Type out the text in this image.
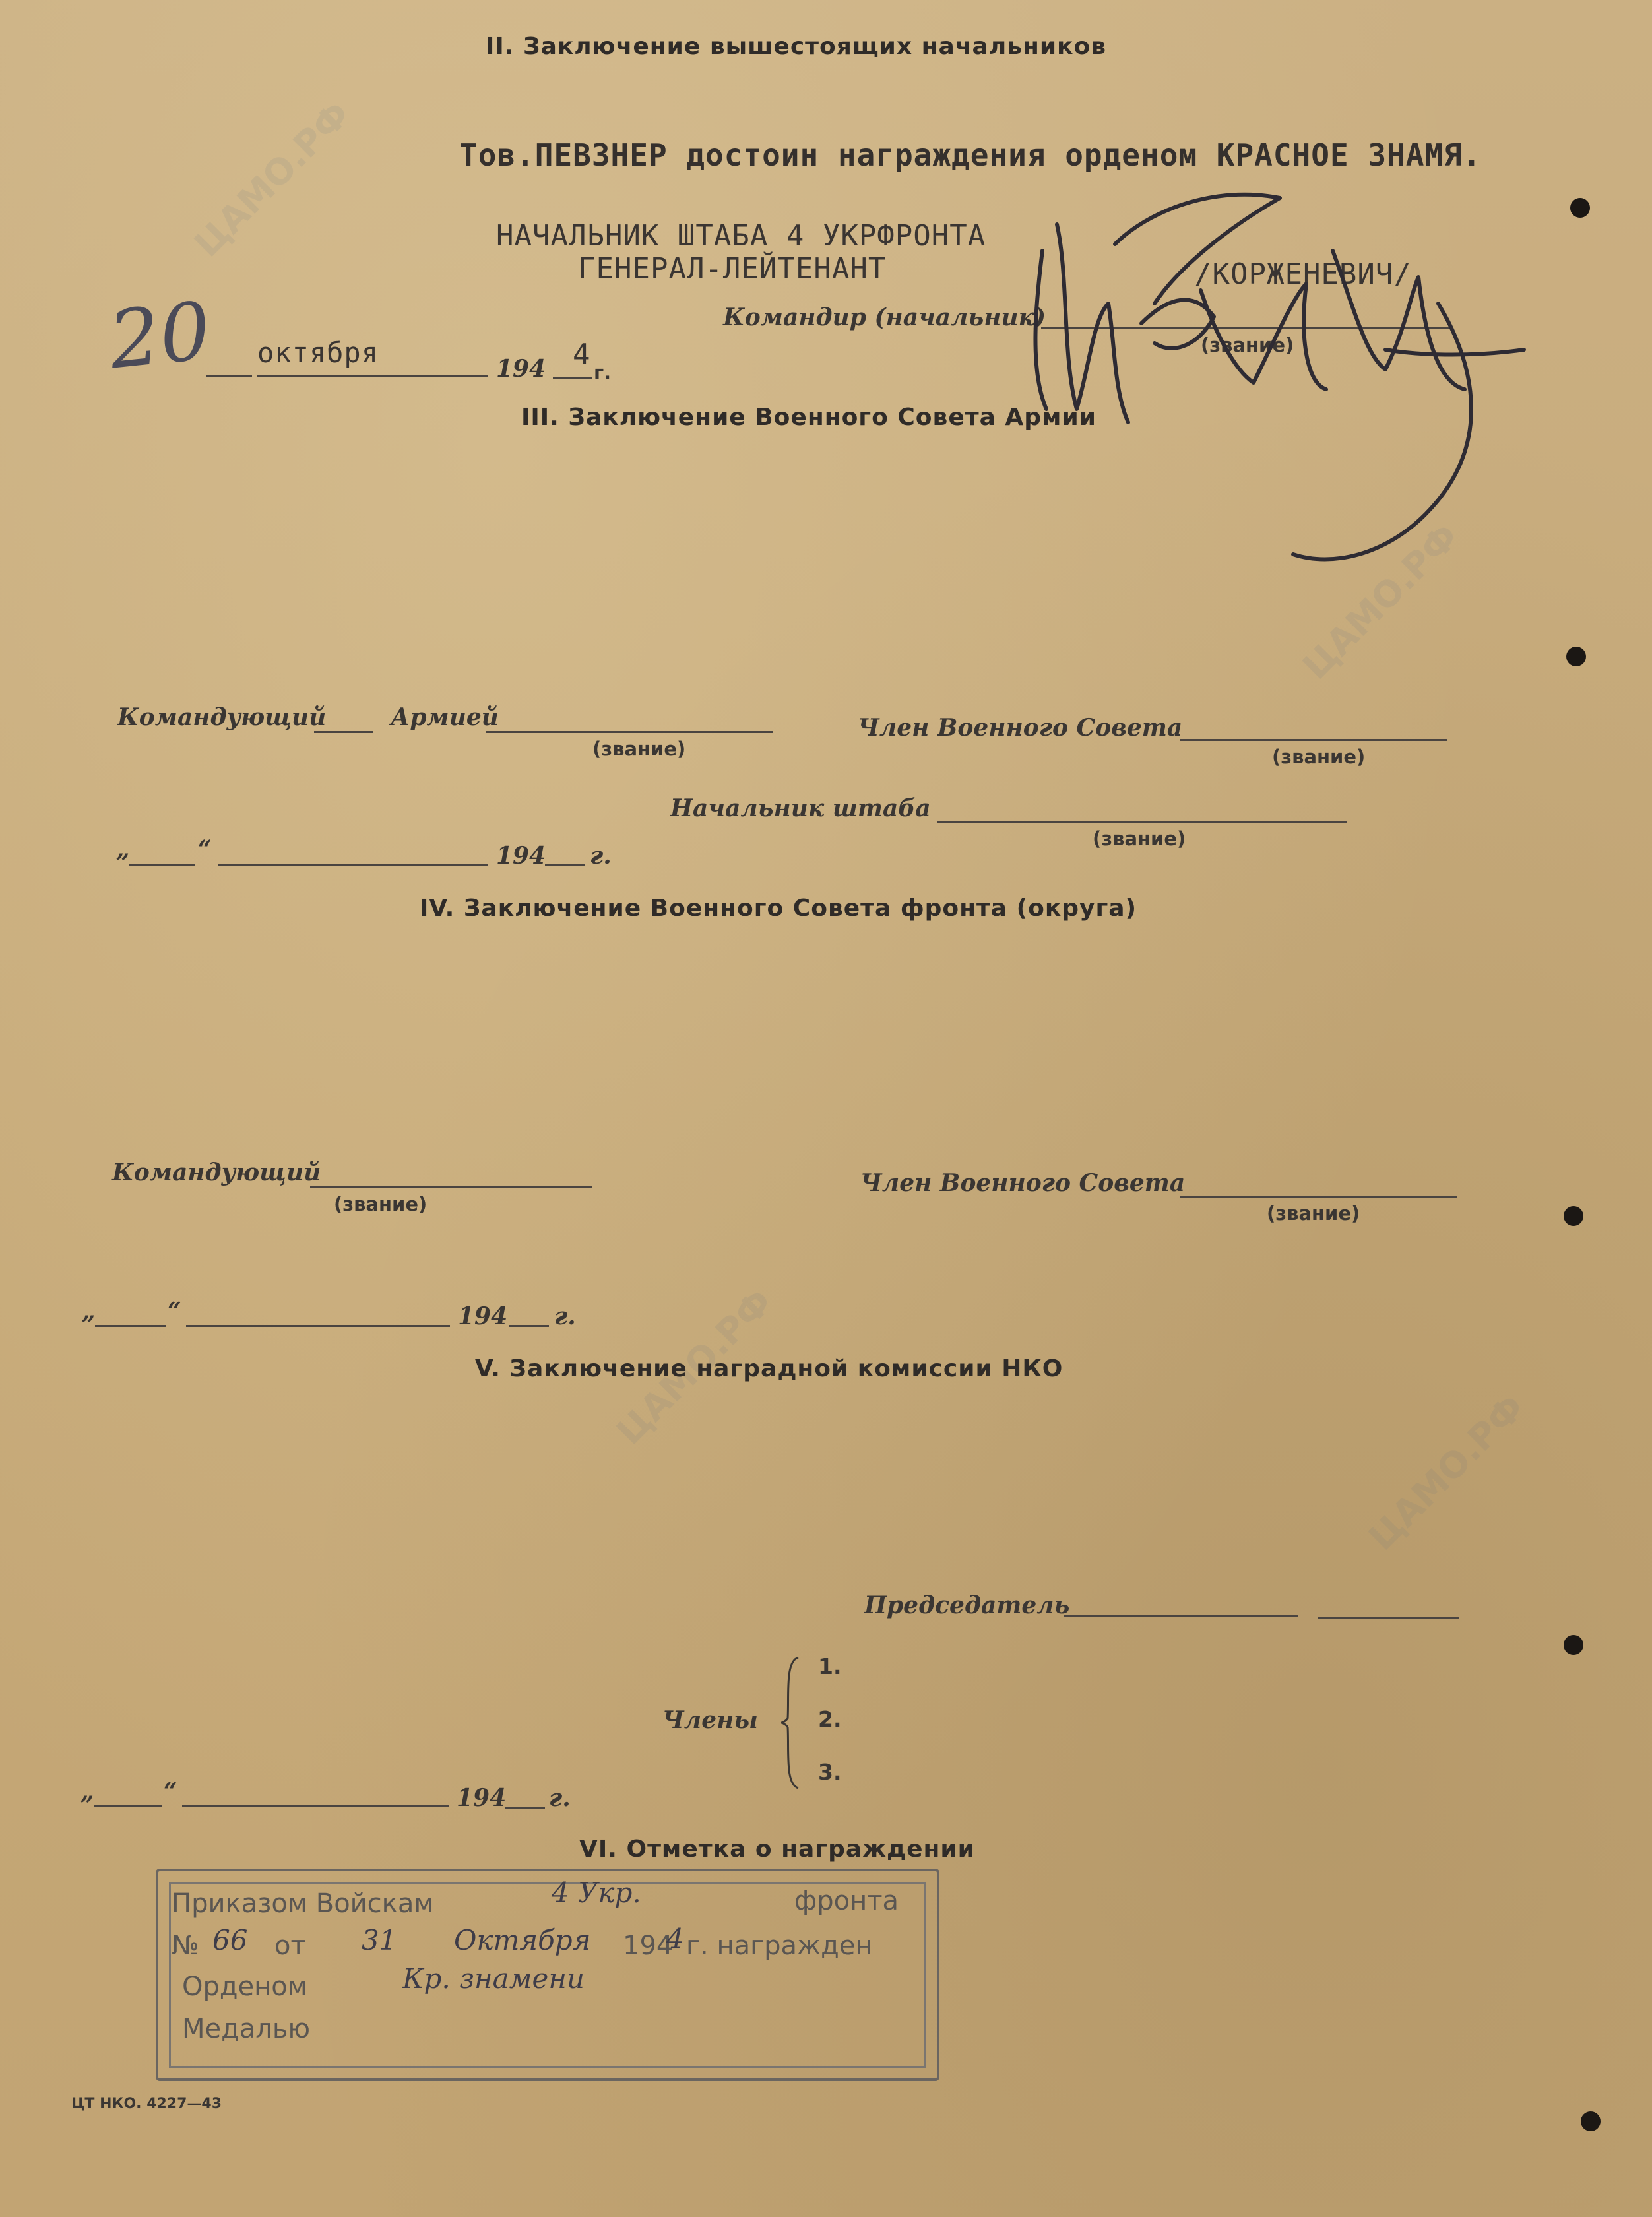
ЦАМО.РФ
ЦАМО.РФ
ЦАМО.РФ
ЦАМО.РФ
II. Заключение вышестоящих начальников
Тов.ПЕВЗНЕР достоин награждения орденом КРАСНОЕ ЗНАМЯ.
НАЧАЛЬНИК ШТАБА 4 УКРФРОНТА
ГЕНЕРАЛ-ЛЕЙТЕНАНТ	/КОРЖЕНЕВИЧ/
Командир (начальник)
(звание)
20 октября	194 4
г.
III. Заключение Военного Совета Армии
Командующий	Армией
(звание)
Член Военного Совета
(звание)
Начальник штаба
(звание)
„	“	194 г.
IV. Заключение Военного Совета фронта (округа)
Командующий
(звание)
Член Военного Совета
(звание)
„	“	194 г.
V. Заключение наградной комиссии НКО
Председатель
Члены
1.
2.
3.
„	“	194 г.
VI. Отметка о награждении
Приказом Войскам	4 Укр.	фронта
№ 66 от 31 Октября 194
4 г. награжден
Орденом	Кр. знамени
Медалью
ЦТ НКО. 4227—43
